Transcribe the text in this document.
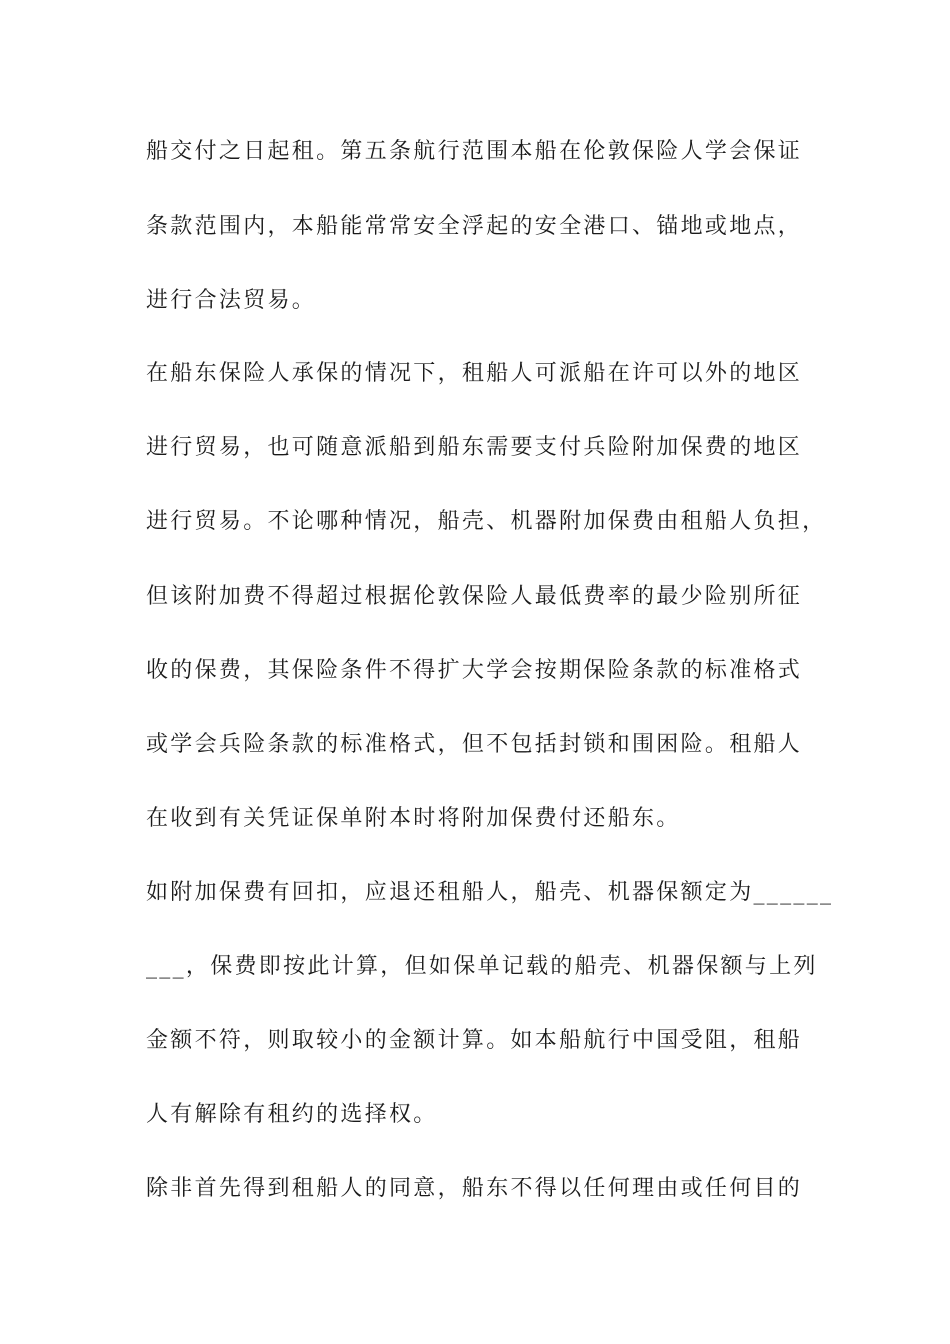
船交付之日起租。第五条航行范围本船在伦敦保险人学会保证
条款范围内，本船能常常安全浮起的安全港口、锚地或地点，
进行合法贸易。
在船东保险人承保的情况下，租船人可派船在许可以外的地区
进行贸易，也可随意派船到船东需要支付兵险附加保费的地区
进行贸易。不论哪种情况，船壳、机器附加保费由租船人负担，
但该附加费不得超过根据伦敦保险人最低费率的最少险别所征
收的保费，其保险条件不得扩大学会按期保险条款的标准格式
或学会兵险条款的标准格式，但不包括封锁和围困险。租船人
在收到有关凭证保单附本时将附加保费付还船东。
如附加保费有回扣，应退还租船人，船壳、机器保额定为______
___，保费即按此计算，但如保单记载的船壳、机器保额与上列
金额不符，则取较小的金额计算。如本船航行中国受阻，租船
人有解除有租约的选择权。
除非首先得到租船人的同意，船东不得以任何理由或任何目的
